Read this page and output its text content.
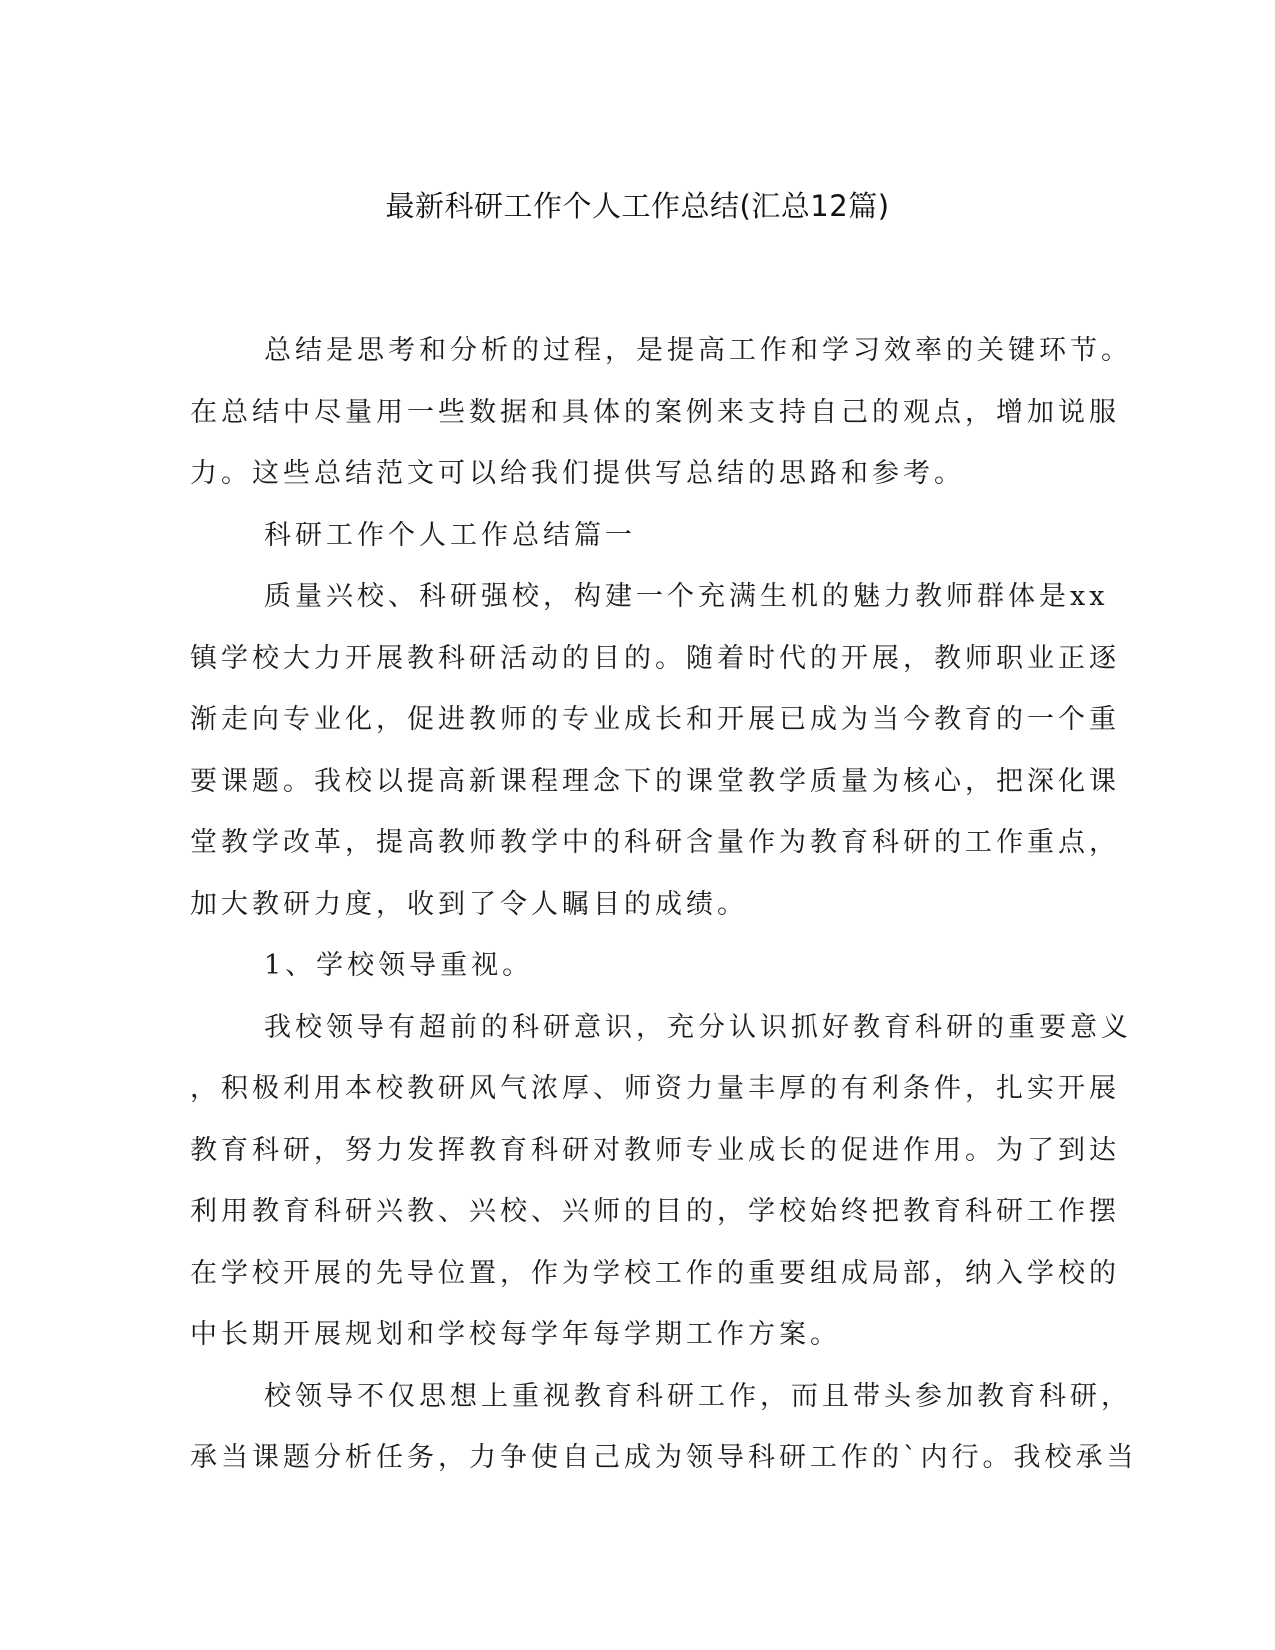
最新科研工作个人工作总结(汇总12篇)
总结是思考和分析的过程，是提高工作和学习效率的关键环节。
在总结中尽量用一些数据和具体的案例来支持自己的观点，增加说服
力。这些总结范文可以给我们提供写总结的思路和参考。
科研工作个人工作总结篇一
质量兴校、科研强校，构建一个充满生机的魅力教师群体是xx
镇学校大力开展教科研活动的目的。随着时代的开展，教师职业正逐
渐走向专业化，促进教师的专业成长和开展已成为当今教育的一个重
要课题。我校以提高新课程理念下的课堂教学质量为核心，把深化课
堂教学改革，提高教师教学中的科研含量作为教育科研的工作重点，
加大教研力度，收到了令人瞩目的成绩。
1、学校领导重视。
我校领导有超前的科研意识，充分认识抓好教育科研的重要意义
，积极利用本校教研风气浓厚、师资力量丰厚的有利条件，扎实开展
教育科研，努力发挥教育科研对教师专业成长的促进作用。为了到达
利用教育科研兴教、兴校、兴师的目的，学校始终把教育科研工作摆
在学校开展的先导位置，作为学校工作的重要组成局部，纳入学校的
中长期开展规划和学校每学年每学期工作方案。
校领导不仅思想上重视教育科研工作，而且带头参加教育科研，
承当课题分析任务，力争使自己成为领导科研工作的`内行。我校承当
